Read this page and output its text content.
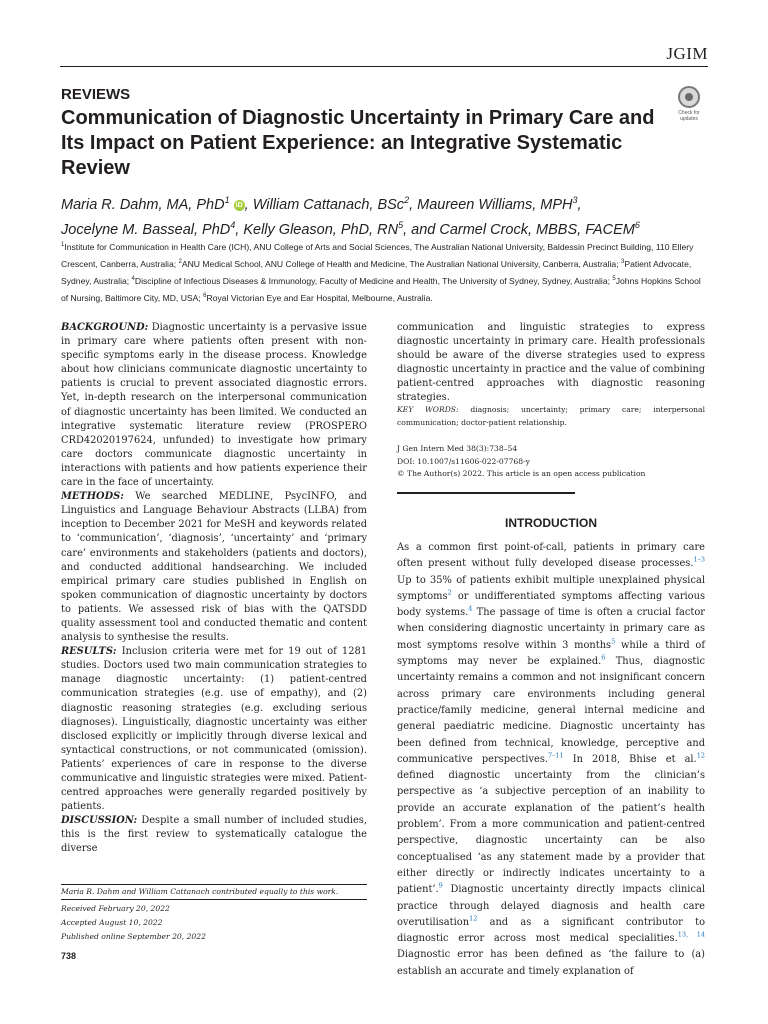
JGIM
REVIEWS
Communication of Diagnostic Uncertainty in Primary Care and Its Impact on Patient Experience: an Integrative Systematic Review
Check for
updates
Maria R. Dahm, MA, PhD$^1$ iD , William Cattanach, BSc$^2$, Maureen Williams, MPH$^3$,
Jocelyne M. Basseal, PhD$^4$, Kelly Gleason, PhD, $RN^5$, and Carmel Crock, MBBS, FACEM$^6$
$^1$Institute for Communication in Health Care (ICH), ANU College of Arts and Social Sciences, The Australian National University, Baldessin Precinct Building, 110 Ellery Crescent, Canberra, Australia; $^2$ANU Medical School, ANU College of Health and Medicine, The Australian National University, Canberra, Australia; $^3$Patient Advocate, Sydney, Australia; $^4$Discipline of Infectious Diseases & Immunology, Faculty of Medicine and Health, The University of Sydney, Sydney, Australia; $^5$Johns Hopkins School of Nursing, Baltimore City, MD, USA; $^6$Royal Victorian Eye and Ear Hospital, Melbourne, Australia.

BACKGROUND: Diagnostic uncertainty is a pervasive issue in primary care where patients often present with non-specific symptoms early in the disease process. Knowledge about how clinicians communicate diagnostic uncertainty to patients is crucial to prevent associated diagnostic errors. Yet, in-depth research on the interpersonal communication of diagnostic uncertainty has been limited. We conducted an integrative systematic literature review (PROSPERO CRD42020197624, unfunded) to investigate how primary care doctors communicate diagnostic uncertainty in interactions with patients and how patients experience their care in the face of uncertainty.

METHODS: We searched MEDLINE, PsycINFO, and Linguistics and Language Behaviour Abstracts (LLBA) from inception to December 2021 for MeSH and keywords related to ‘communication’, ‘diagnosis’, ‘uncertainty’ and ‘primary care’ environments and stakeholders (patients and doctors), and conducted additional handsearching. We included empirical primary care studies published in English on spoken communication of diagnostic uncertainty by doctors to patients. We assessed risk of bias with the QATSDD quality assessment tool and conducted thematic and content analysis to synthesise the results.

RESULTS: Inclusion criteria were met for 19 out of 1281 studies. Doctors used two main communication strategies to manage diagnostic uncertainty: (1) patient-centred communication strategies (e.g. use of empathy), and (2) diagnostic reasoning strategies (e.g. excluding serious diagnoses). Linguistically, diagnostic uncertainty was either disclosed explicitly or implicitly through diverse lexical and syntactical constructions, or not communicated (omission). Patients’ experiences of care in response to the diverse communicative and linguistic strategies were mixed. Patient-centred approaches were generally regarded positively by patients.

DISCUSSION: Despite a small number of included studies, this is the first review to systematically catalogue the diverse

communication and linguistic strategies to express diagnostic uncertainty in primary care. Health professionals should be aware of the diverse strategies used to express diagnostic uncertainty in practice and the value of combining patient-centred approaches with diagnostic reasoning strategies.
KEY WORDS: diagnosis; uncertainty; primary care; interpersonal communication; doctor-patient relationship.
J Gen Intern Med 38(3):738–54
DOI: 10.1007/s11606-022-07768-y
© The Author(s) 2022. This article is an open access publication
INTRODUCTION
As a common first point-of-call, patients in primary care often present without fully developed disease processes.$^{1-3}$ Up to 35% of patients exhibit multiple unexplained physical symptoms$^2$ or undifferentiated symptoms affecting various body systems.$^4$ The passage of time is often a crucial factor when considering diagnostic uncertainty in primary care as most symptoms resolve within 3 months$^5$ while a third of symptoms may never be explained.$^6$ Thus, diagnostic uncertainty remains a common and not insignificant concern across primary care environments including general practice/family medicine, general internal medicine and general paediatric medicine. Diagnostic uncertainty has been defined from technical, knowledge, perceptive and communicative perspectives.$^{7-11}$ In 2018, Bhise et al.$^{12}$ defined diagnostic uncertainty from the clinician’s perspective as ‘a subjective perception of an inability to provide an accurate explanation of the patient’s health problem’. From a more communication and patient-centred perspective, diagnostic uncertainty can be also conceptualised ‘as any statement made by a provider that either directly or indirectly indicates uncertainty to a patient’.$^9$ Diagnostic uncertainty directly impacts clinical practice through delayed diagnosis and health care overutilisation$^{12}$ and as a significant contributor to diagnostic error across most medical specialities.$^{13, 14}$ Diagnostic error has been defined as ‘the failure to (a) establish an accurate and timely explanation of
Maria R. Dahm and William Cattanach contributed equally to this work.
Received February 20, 2022
Accepted August 10, 2022
Published online September 20, 2022
738
